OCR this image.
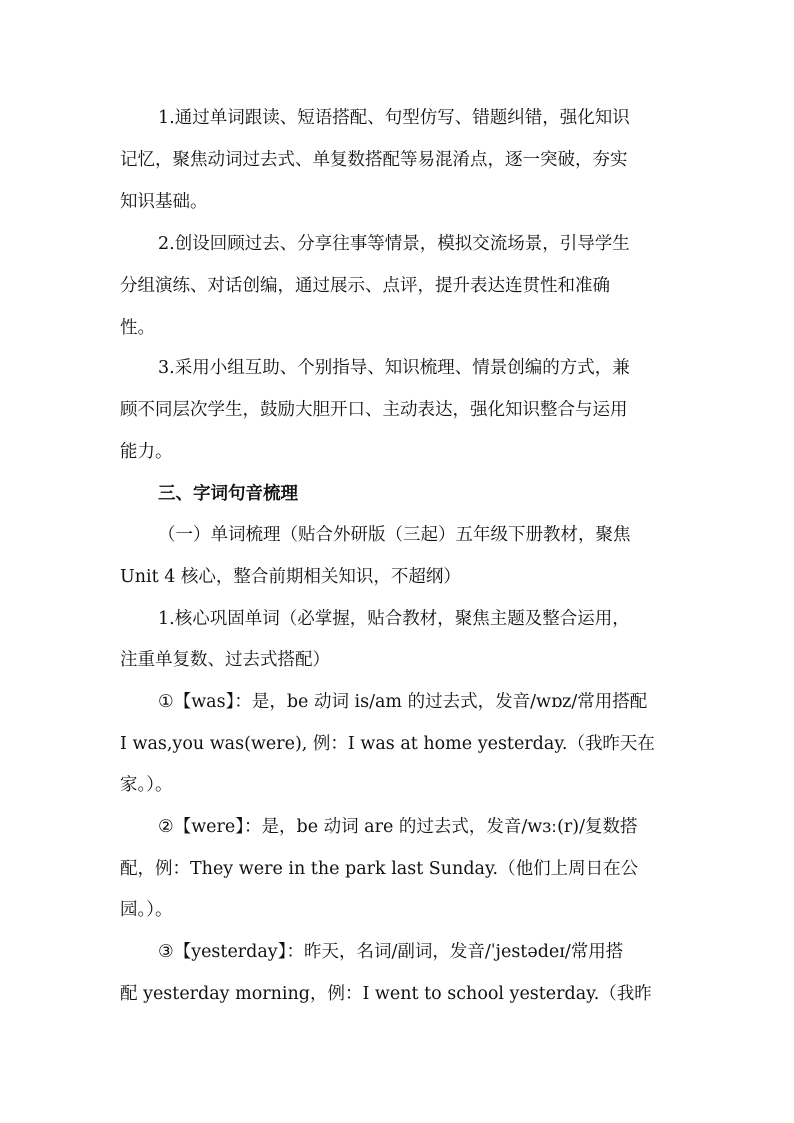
1.通过单词跟读、短语搭配、句型仿写、错题纠错，强化知识
记忆，聚焦动词过去式、单复数搭配等易混淆点，逐一突破，夯实
知识基础。
2.创设回顾过去、分享往事等情景，模拟交流场景，引导学生
分组演练、对话创编，通过展示、点评，提升表达连贯性和准确
性。
3.采用小组互助、个别指导、知识梳理、情景创编的方式，兼
顾不同层次学生，鼓励大胆开口、主动表达，强化知识整合与运用
能力。
三、字词句音梳理
（一）单词梳理（贴合外研版（三起）五年级下册教材，聚焦
Unit 4 核心，整合前期相关知识，不超纲）
1.核心巩固单词（必掌握，贴合教材，聚焦主题及整合运用，
注重单复数、过去式搭配）
①【was】：是，be 动词 is/am 的过去式，发音/wɒz/常用搭配
I was,you was(were), 例：I was at home yesterday.（我昨天在
家。）。
②【were】：是，be 动词 are 的过去式，发音/wɜː(r)/复数搭
配，例：They were in the park last Sunday.（他们上周日在公
园。）。
③【yesterday】：昨天，名词/副词，发音/ˈjestədeɪ/常用搭
配 yesterday morning，例：I went to school yesterday.（我昨
